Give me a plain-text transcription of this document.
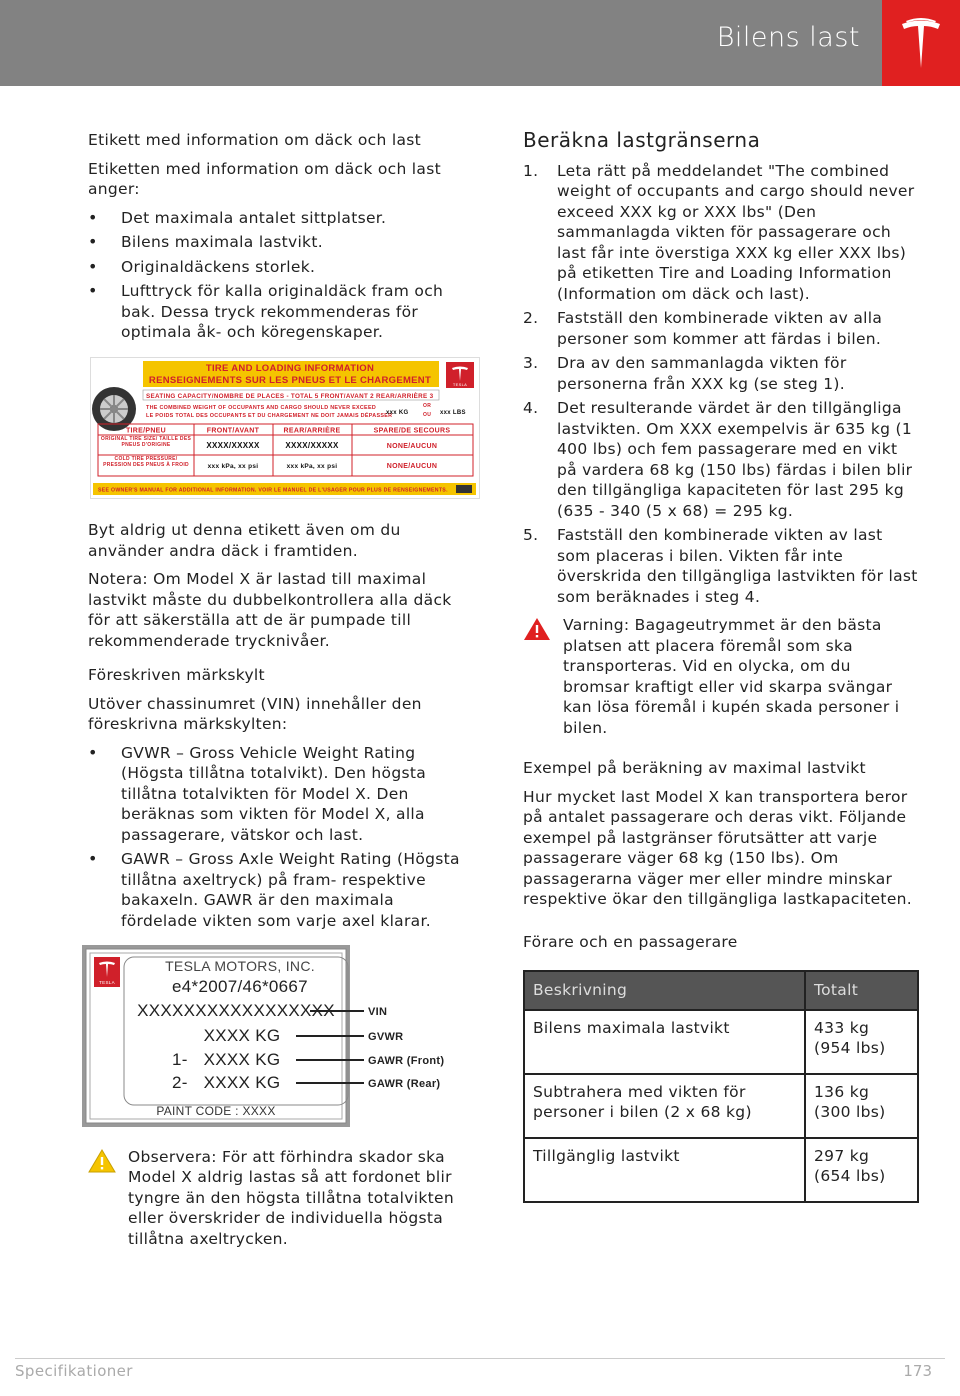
Bilens last

Etikett med information om däck och last

Etiketten med information om däck och last anger:

• Det maximala antalet sittplatser.
• Bilens maximala lastvikt.
• Originaldäckens storlek.
• Lufttryck för kalla originaldäck fram och bak. Dessa tryck rekommenderas för optimala åk- och köregenskaper.
TIRE AND LOADING INFORMATION
RENSEIGNEMENTS SUR LES PNEUS ET LE CHARGEMENT	TESLA
SEATING CAPACITY/NOMBRE DE PLACES - TOTAL 5 FRONT/AVANT 2 REAR/ARRIÈRE 3
THE COMBINED WEIGHT OF OCCUPANTS AND CARGO SHOULD NEVER EXCEED
LE POIDS TOTAL DES OCCUPANTS ET DU CHARGEMENT NE DOIT JAMAIS DÉPASSER
xxx KG
OR
OU xxx LBS
TIRE/PNEU	FRONT/AVANT	REAR/ARRIÈRE	SPARE/DE SECOURS
ORIGINAL TIRE SIZE/ TAILLE DES PNEUS D'ORIGINE	XXXX/XXXXX	XXXX/XXXXX	NONE/AUCUN
COLD TIRE PRESSURE/ PRESSION DES PNEUS À FROID	xxx kPa, xx psi	xxx kPa, xx psi	NONE/AUCUN
SEE OWNER'S MANUAL FOR ADDITIONAL INFORMATION. VOIR LE MANUEL DE L'USAGER POUR PLUS DE RENSEIGNEMENTS.

Byt aldrig ut denna etikett även om du använder andra däck i framtiden.

Notera: Om Model X är lastad till maximal lastvikt måste du dubbelkontrollera alla däck för att säkerställa att de är pumpade till rekommenderade trycknivåer.

Föreskriven märkskylt

Utöver chassinumret (VIN) innehåller den föreskrivna märkskylten:

• GVWR – Gross Vehicle Weight Rating (Högsta tillåtna totalvikt). Den högsta tillåtna totalvikten för Model X. Den beräknas som vikten för Model X, alla passagerare, vätskor och last.
• GAWR – Gross Axle Weight Rating (Högsta tillåtna axeltryck) på fram- respektive bakaxeln. GAWR är den maximala fördelade vikten som varje axel klarar.
TESLA
TESLA MOTORS, INC.
e4*2007/46*0667
XXXXXXXXXXXXXXXXX
XXXX KG
1- XXXX KG
2- XXXX KG
PAINT CODE : XXXX
VIN
GVWR
GAWR (Front)
GAWR (Rear)
Observera: För att förhindra skador ska Model X aldrig lastas så att fordonet blir tyngre än den högsta tillåtna totalvikten eller överskrider de individuella högsta tillåtna axeltrycken.
Beräkna lastgränserna
1. Leta rätt på meddelandet "The combined weight of occupants and cargo should never exceed XXX kg or XXX lbs" (Den sammanlagda vikten för passagerare och last får inte överstiga XXX kg eller XXX lbs) på etiketten Tire and Loading Information (Information om däck och last).
2. Fastställ den kombinerade vikten av alla personer som kommer att färdas i bilen.
3. Dra av den sammanlagda vikten för personerna från XXX kg (se steg 1).
4. Det resulterande värdet är den tillgängliga lastvikten. Om XXX exempelvis är 635 kg (1 400 lbs) och fem passagerare med en vikt på vardera 68 kg (150 lbs) färdas i bilen blir den tillgängliga kapaciteten för last 295 kg (635 - 340 (5 x 68) = 295 kg.
5. Fastställ den kombinerade vikten av last som placeras i bilen. Vikten får inte överskrida den tillgängliga lastvikten för last som beräknades i steg 4.
Varning: Bagageutrymmet är den bästa platsen att placera föremål som ska transporteras. Vid en olycka, om du bromsar kraftigt eller vid skarpa svängar kan lösa föremål i kupén skada personer i bilen.

Exempel på beräkning av maximal lastvikt

Hur mycket last Model X kan transportera beror på antalet passagerare och deras vikt. Följande exempel på lastgränser förutsätter att varje passagerare väger 68 kg (150 lbs). Om passagerarna väger mer eller mindre minskar respektive ökar den tillgängliga lastkapaciteten.

Förare och en passagerare

Beskrivning	Totalt
Bilens maximala lastvikt	433 kg
(954 lbs)
Subtrahera med vikten för personer i bilen (2 x 68 kg)	136 kg
(300 lbs)
Tillgänglig lastvikt	297 kg
(654 lbs)
Specifikationer	173
